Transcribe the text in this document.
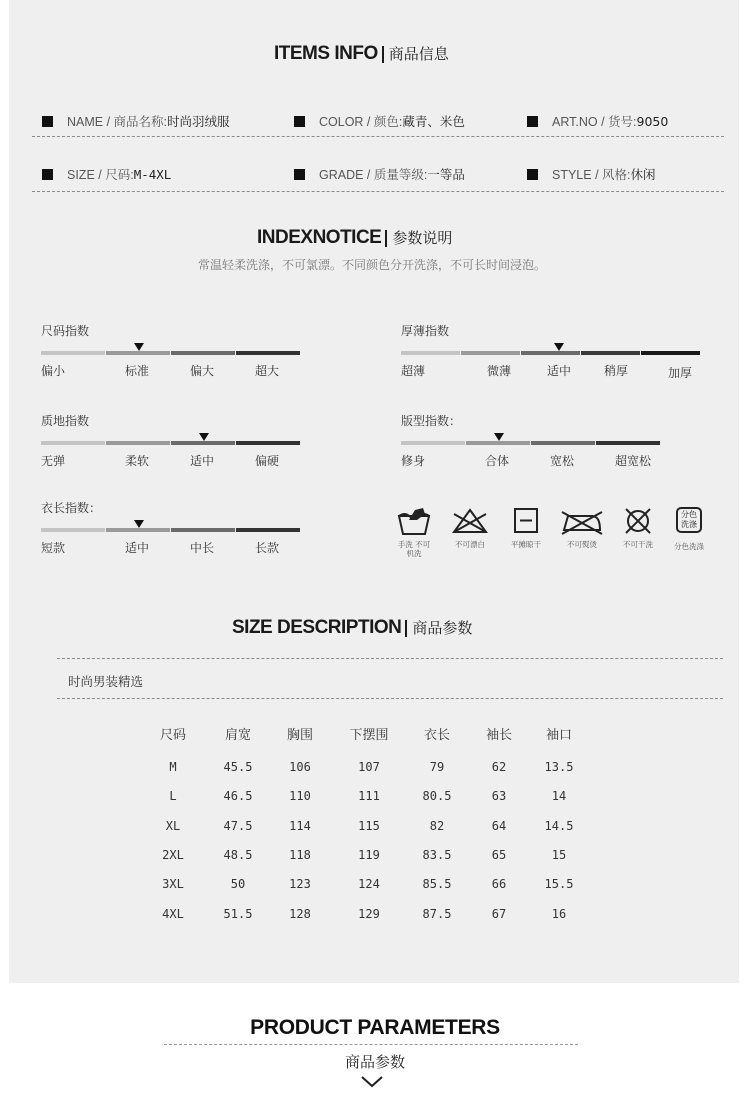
ITEMS INFO 商品信息
NAME / 商品名称: 时尚羽绒服	COLOR / 颜色: 藏青、米色	ART.NO / 货号: 9050
SIZE / 尺码: M-4XL	GRADE / 质量等级: 一等品	STYLE / 风格: 休闲
INDEXNOTICE 参数说明
常温轻柔洗涤，不可氯漂。不同颜色分开洗涤，不可长时间浸泡。
尺码指数
偏小	标准	偏大	超大
厚薄指数
超薄	微薄	适中	稍厚	加厚
质地指数
无弹	柔软	适中	偏硬
版型指数：
修身	合体	宽松	超宽松
衣长指数：
短款	适中	中长	长款	手洗 不可机洗
不可漂白	平摊晾干	不可熨烫	不可干洗
分色
洗涤
分色洗涤
SIZE DESCRIPTION 商品参数
时尚男装精选
尺码	肩宽	胸围	下摆围	衣长	袖长	袖口
M	45.5	106	107	79	62	13.5
L	46.5	110	111	80.5	63	14
XL	47.5	114	115	82	64	14.5
2XL	48.5	118	119	83.5	65	15
3XL	50	123	124	85.5	66	15.5
4XL	51.5	128	129	87.5	67	16
PRODUCT PARAMETERS
商品参数
